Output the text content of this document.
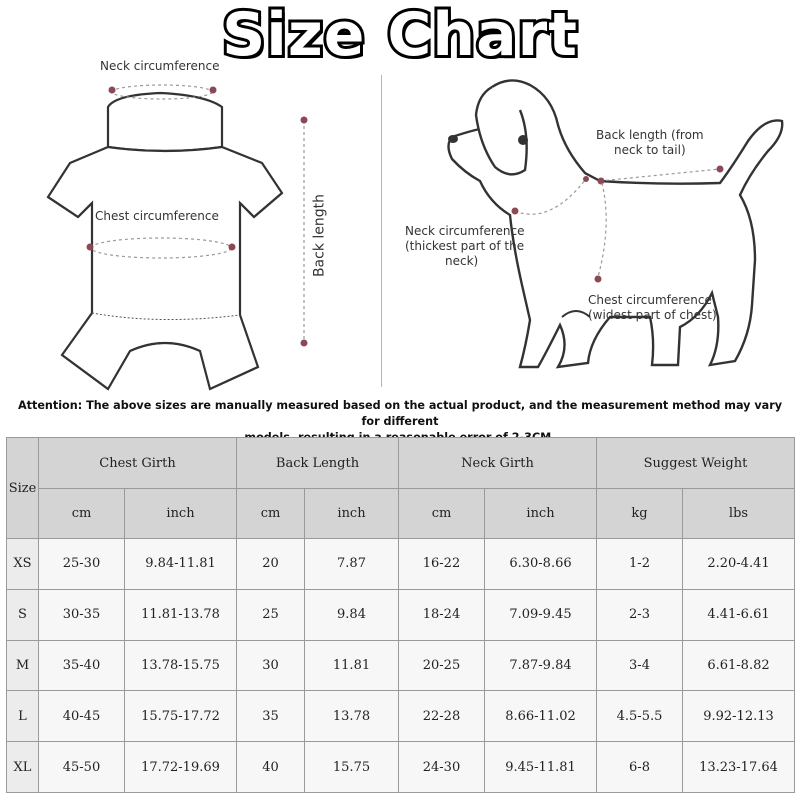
Size Chart
Neck circumference
Chest circumference	Back length
Back length (from
neck to tail)
Neck circumference
(thickest part of the
neck)
Chest circumference
(widest part of chest)
Attention: The above sizes are manually measured based on the actual product, and the measurement method may vary for different
Size	Chest Girth		Back Length		Neck Girth		Suggest Weight	
	cm	inch	cm	inch	cm	inch	kg	lbs
XS	25-30	9.84-11.81	20	7.87	16-22	6.30-8.66	1-2	2.20-4.41
S	30-35	11.81-13.78	25	9.84	18-24	7.09-9.45	2-3	4.41-6.61
M	35-40	13.78-15.75	30	11.81	20-25	7.87-9.84	3-4	6.61-8.82
L	40-45	15.75-17.72	35	13.78	22-28	8.66-11.02	4.5-5.5	9.92-12.13
XL	45-50	17.72-19.69	40	15.75	24-30	9.45-11.81	6-8	13.23-17.64
